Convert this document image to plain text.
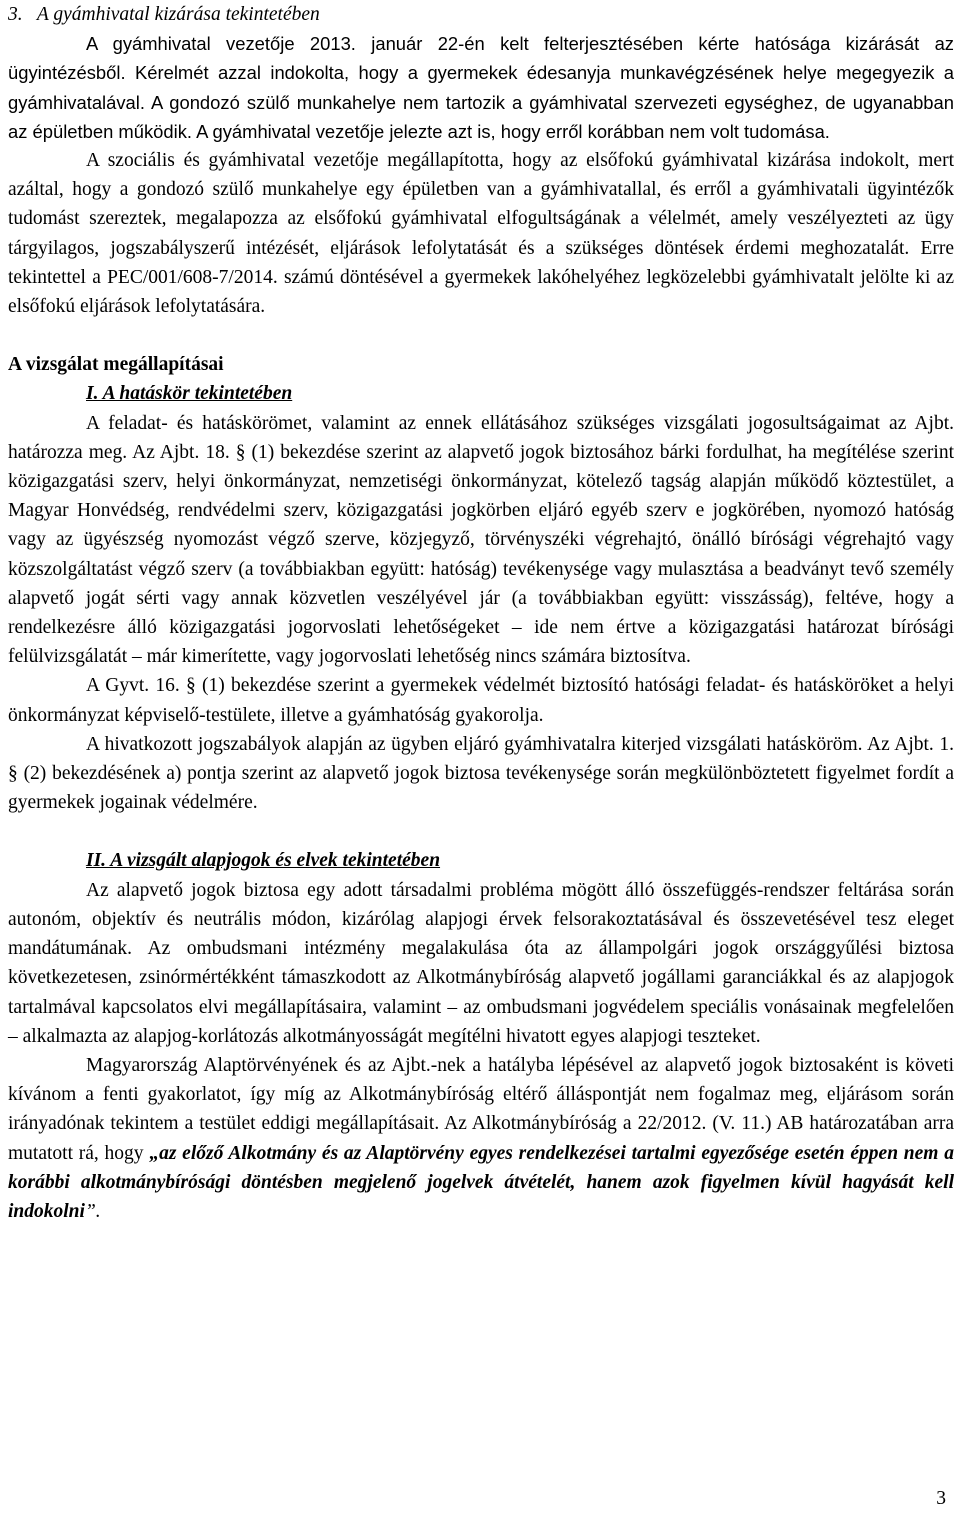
3.   A gyámhivatal kizárása tekintetében

A gyámhivatal vezetője 2013. január 22-én kelt felterjesztésében kérte hatósága kizárását az ügyintézésből. Kérelmét azzal indokolta, hogy a gyermekek édesanyja munkavégzésének helye megegyezik a gyámhivatalával. A gondozó szülő munkahelye nem tartozik a gyámhivatal szervezeti egységhez, de ugyanabban az épületben működik. A gyámhivatal vezetője jelezte azt is, hogy erről korábban nem volt tudomása.

A szociális és gyámhivatal vezetője megállapította, hogy az elsőfokú gyámhivatal kizárása indokolt, mert azáltal, hogy a gondozó szülő munkahelye egy épületben van a gyámhivatallal, és erről a gyámhivatali ügyintézők tudomást szereztek, megalapozza az elsőfokú gyámhivatal elfogultságának a vélelmét, amely veszélyezteti az ügy tárgyilagos, jogszabályszerű intézését, eljárások lefolytatását és a szükséges döntések érdemi meghozatalát. Erre tekintettel a PEC/001/608-7/2014. számú döntésével a gyermekek lakóhelyéhez legközelebbi gyámhivatalt jelölte ki az elsőfokú eljárások lefolytatására.

A vizsgálat megállapításai

I. A hatáskör tekintetében

A feladat- és hatáskörömet, valamint az ennek ellátásához szükséges vizsgálati jogosultságaimat az Ajbt. határozza meg. Az Ajbt. 18. § (1) bekezdése szerint az alapvető jogok biztosához bárki fordulhat, ha megítélése szerint közigazgatási szerv, helyi önkormányzat, nemzetiségi önkormányzat, kötelező tagság alapján működő köztestület, a Magyar Honvédség, rendvédelmi szerv, közigazgatási jogkörben eljáró egyéb szerv e jogkörében, nyomozó hatóság vagy az ügyészség nyomozást végző szerve, közjegyző, törvényszéki végrehajtó, önálló bírósági végrehajtó vagy közszolgáltatást végző szerv (a továbbiakban együtt: hatóság) tevékenysége vagy mulasztása a beadványt tevő személy alapvető jogát sérti vagy annak közvetlen veszélyével jár (a továbbiakban együtt: visszásság), feltéve, hogy a rendelkezésre álló közigazgatási jogorvoslati lehetőségeket – ide nem értve a közigazgatási határozat bírósági felülvizsgálatát – már kimerítette, vagy jogorvoslati lehetőség nincs számára biztosítva.

A Gyvt. 16. § (1) bekezdése szerint a gyermekek védelmét biztosító hatósági feladat- és hatásköröket a helyi önkormányzat képviselő-testülete, illetve a gyámhatóság gyakorolja.

A hivatkozott jogszabályok alapján az ügyben eljáró gyámhivatalra kiterjed vizsgálati hatásköröm. Az Ajbt. 1. § (2) bekezdésének a) pontja szerint az alapvető jogok biztosa tevékenysége során megkülönböztetett figyelmet fordít a gyermekek jogainak védelmére.

II. A vizsgált alapjogok és elvek tekintetében

Az alapvető jogok biztosa egy adott társadalmi probléma mögött álló összefüggés-rendszer feltárása során autonóm, objektív és neutrális módon, kizárólag alapjogi érvek felsorakoztatásával és összevetésével tesz eleget mandátumának. Az ombudsmani intézmény megalakulása óta az állampolgári jogok országgyűlési biztosa következetesen, zsinórmértékként támaszkodott az Alkotmánybíróság alapvető jogállami garanciákkal és az alapjogok tartalmával kapcsolatos elvi megállapításaira, valamint – az ombudsmani jogvédelem speciális vonásainak megfelelően – alkalmazta az alapjog-korlátozás alkotmányosságát megítélni hivatott egyes alapjogi teszteket.

Magyarország Alaptörvényének és az Ajbt.-nek a hatályba lépésével az alapvető jogok biztosaként is követi kívánom a fenti gyakorlatot, így míg az Alkotmánybíróság eltérő álláspontját nem fogalmaz meg, eljárásom során irányadónak tekintem a testület eddigi megállapításait. Az Alkotmánybíróság a 22/2012. (V. 11.) AB határozatában arra mutatott rá, hogy „az előző Alkotmány és az Alaptörvény egyes rendelkezései tartalmi egyezősége esetén éppen nem a korábbi alkotmánybírósági döntésben megjelenő jogelvek átvételét, hanem azok figyelmen kívül hagyását kell indokolni”.

3
